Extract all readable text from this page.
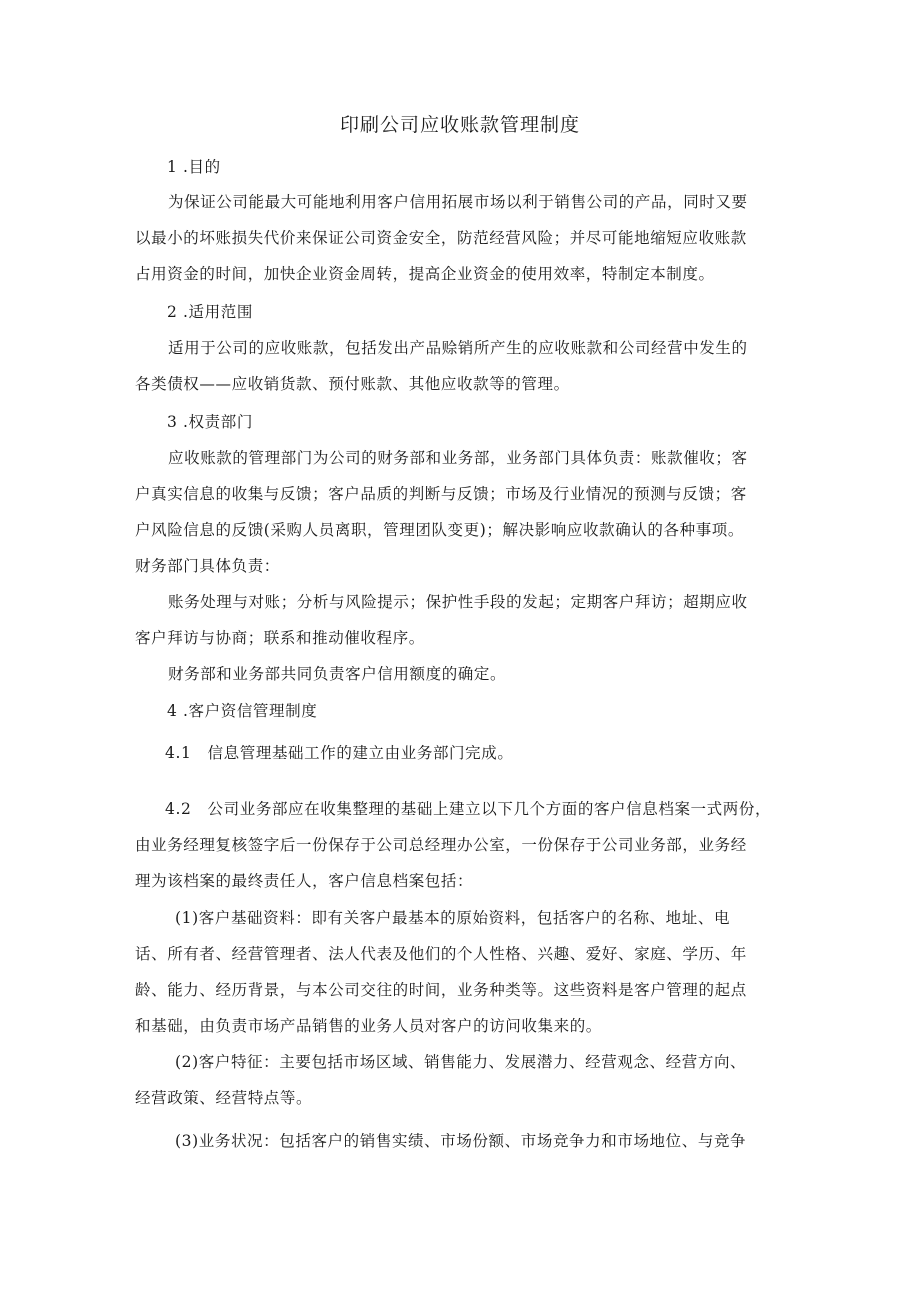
印刷公司应收账款管理制度
1 .目的
为保证公司能最大可能地利用客户信用拓展市场以利于销售公司的产品，同时又要
以最小的坏账损失代价来保证公司资金安全，防范经营风险；并尽可能地缩短应收账款
占用资金的时间，加快企业资金周转，提高企业资金的使用效率，特制定本制度。
2 .适用范围
适用于公司的应收账款，包括发出产品赊销所产生的应收账款和公司经营中发生的
各类债权——应收销货款、预付账款、其他应收款等的管理。
3 .权责部门
应收账款的管理部门为公司的财务部和业务部，业务部门具体负责：账款催收；客
户真实信息的收集与反馈；客户品质的判断与反馈；市场及行业情况的预测与反馈；客
户风险信息的反馈(采购人员离职，管理团队变更)；解决影响应收款确认的各种事项。
财务部门具体负责：
账务处理与对账；分析与风险提示；保护性手段的发起；定期客户拜访；超期应收
客户拜访与协商；联系和推动催收程序。
财务部和业务部共同负责客户信用额度的确定。
4 .客户资信管理制度
4.1　信息管理基础工作的建立由业务部门完成。
4.2　公司业务部应在收集整理的基础上建立以下几个方面的客户信息档案一式两份，
由业务经理复核签字后一份保存于公司总经理办公室，一份保存于公司业务部，业务经
理为该档案的最终责任人，客户信息档案包括：
(1)客户基础资料：即有关客户最基本的原始资料，包括客户的名称、地址、电
话、所有者、经营管理者、法人代表及他们的个人性格、兴趣、爱好、家庭、学历、年
龄、能力、经历背景，与本公司交往的时间，业务种类等。这些资料是客户管理的起点
和基础，由负责市场产品销售的业务人员对客户的访问收集来的。
(2)客户特征：主要包括市场区域、销售能力、发展潜力、经营观念、经营方向、
经营政策、经营特点等。
(3)业务状况：包括客户的销售实绩、市场份额、市场竞争力和市场地位、与竞争
